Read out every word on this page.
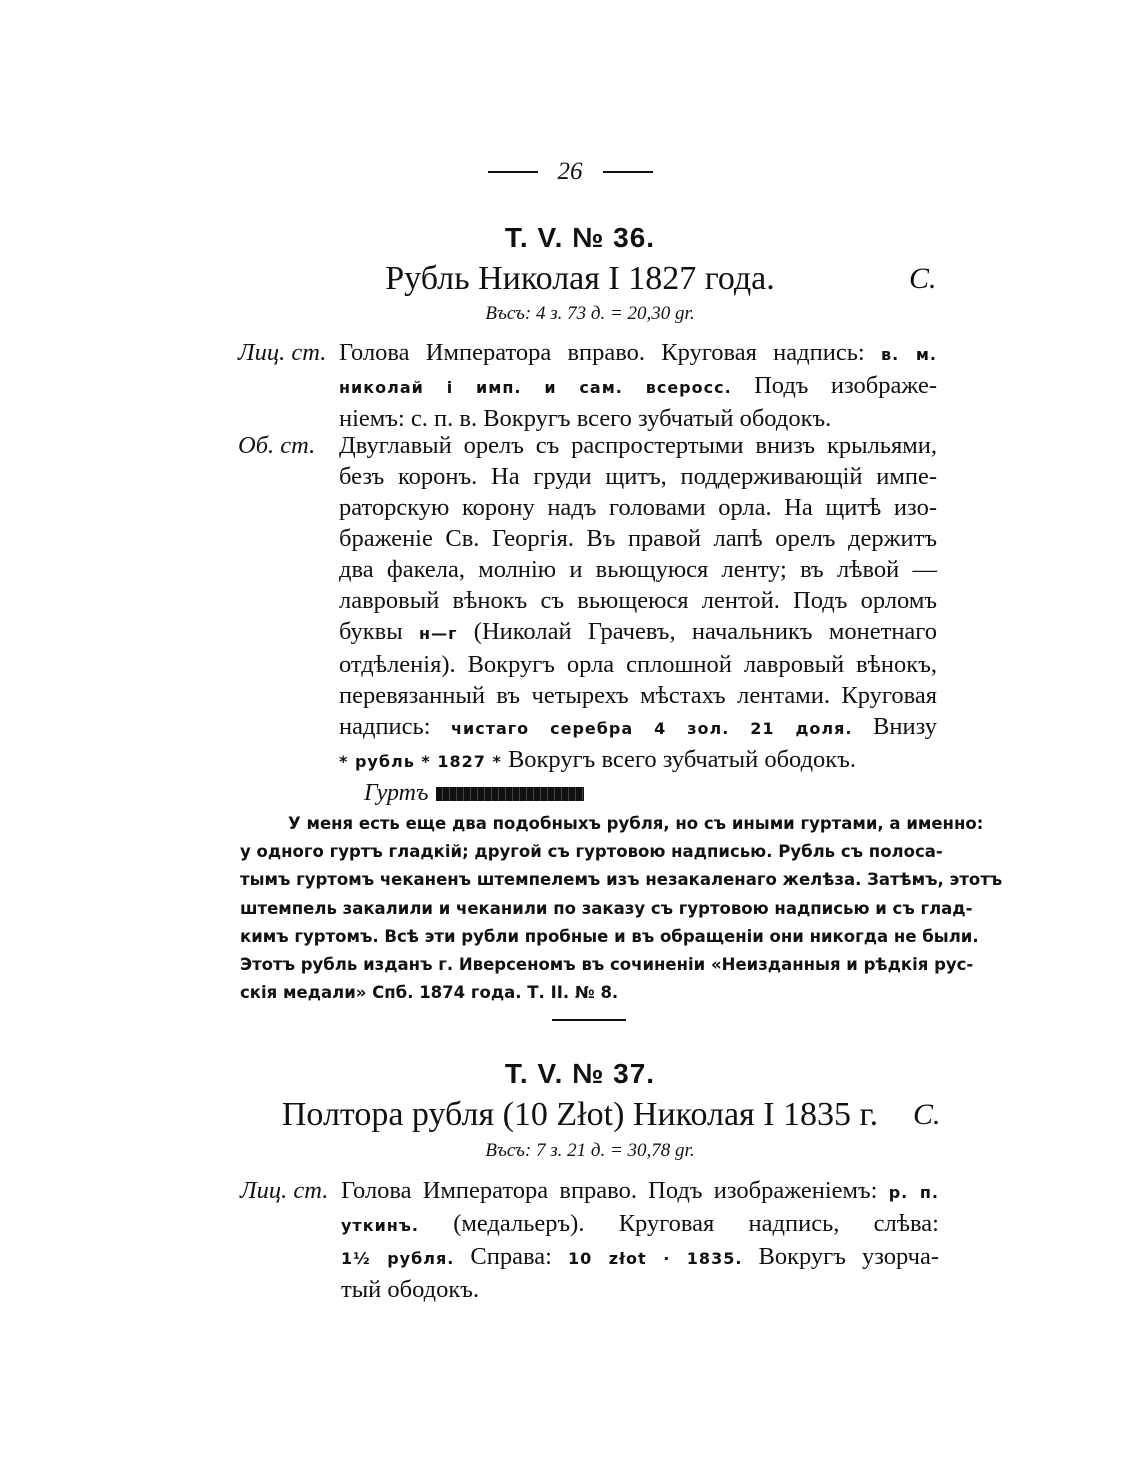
26
T. V. № 36.
Рубль Николая I 1827 года.	C.
Въсъ: 4 з. 73 д. = 20,30 gr.
Лиц. ст. Голова Императора вправо. Круговая надпись: в. м.
николай i имп. и сам. всеросс. Подъ изображе-
ніемъ: с. п. в. Вокругъ всего зубчатый ободокъ.
Об. ст. Двуглавый орелъ съ распростертыми внизъ крыльями,
безъ коронъ. На груди щитъ, поддерживающій импе-
раторскую корону надъ головами орла. На щитѣ изо-
браженіе Св. Георгія. Въ правой лапѣ орелъ держитъ
два факела, молнію и вьющуюся ленту; въ лѣвой —
лавровый вѣнокъ съ вьющеюся лентой. Подъ орломъ
буквы н—г (Николай Грачевъ, начальникъ монетнаго
отдѣленія). Вокругъ орла сплошной лавровый вѣнокъ,
перевязанный въ четырехъ мѣстахъ лентами. Круговая
надпись: чистаго серебра 4 зол. 21 доля. Внизу
* рубль * 1827 * Вокругъ всего зубчатый ободокъ.
Гуртъ
У меня есть еще два подобныхъ рубля, но съ иными гуртами, а именно:
у одного гуртъ гладкій; другой съ гуртовою надписью. Рубль съ полоса-
тымъ гуртомъ чеканенъ штемпелемъ изъ незакаленаго желѣза. Затѣмъ, этотъ
штемпель закалили и чеканили по заказу съ гуртовою надписью и съ глад-
кимъ гуртомъ. Всѣ эти рубли пробные и въ обращеніи они никогда не были.
Этотъ рубль изданъ г. Иверсеномъ въ сочиненіи «Неизданныя и рѣдкія рус-
скія медали» Спб. 1874 года. Т. II. № 8.
T. V. № 37.
Полтора рубля (10 Złot) Николая I 1835 г.	C.
Въсъ: 7 з. 21 д. = 30,78 gr.
Лиц. ст. Голова Императора вправо. Подъ изображеніемъ: р. п.
уткинъ. (медальеръ). Круговая надпись, слѣва:
1½ рубля. Справа: 10 złot · 1835. Вокругъ узорча-
тый ободокъ.
